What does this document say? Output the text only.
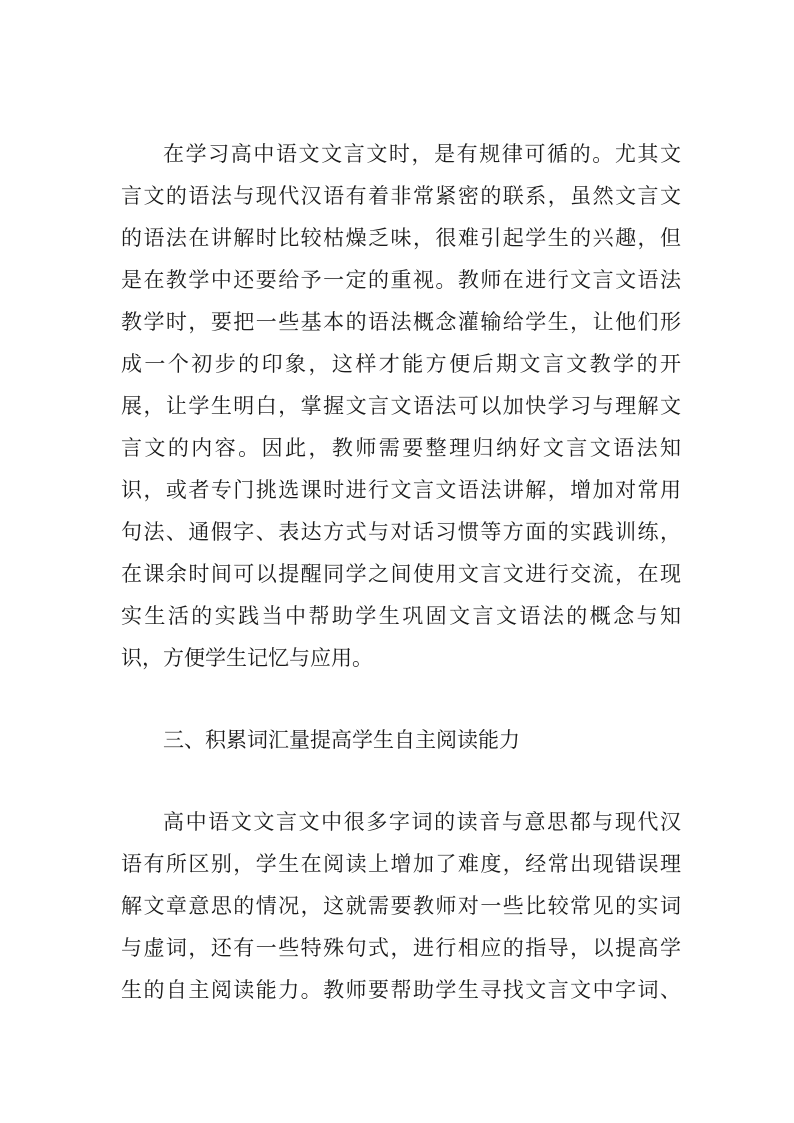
在学习高中语文文言文时，是有规律可循的。尤其文
言文的语法与现代汉语有着非常紧密的联系，虽然文言文
的语法在讲解时比较枯燥乏味，很难引起学生的兴趣，但
是在教学中还要给予一定的重视。教师在进行文言文语法
教学时，要把一些基本的语法概念灌输给学生，让他们形
成一个初步的印象，这样才能方便后期文言文教学的开
展，让学生明白，掌握文言文语法可以加快学习与理解文
言文的内容。因此，教师需要整理归纳好文言文语法知
识，或者专门挑选课时进行文言文语法讲解，增加对常用
句法、通假字、表达方式与对话习惯等方面的实践训练，
在课余时间可以提醒同学之间使用文言文进行交流，在现
实生活的实践当中帮助学生巩固文言文语法的概念与知
识，方便学生记忆与应用。
三、积累词汇量提高学生自主阅读能力
高中语文文言文中很多字词的读音与意思都与现代汉
语有所区别，学生在阅读上增加了难度，经常出现错误理
解文章意思的情况，这就需要教师对一些比较常见的实词
与虚词，还有一些特殊句式，进行相应的指导，以提高学
生的自主阅读能力。教师要帮助学生寻找文言文中字词、
